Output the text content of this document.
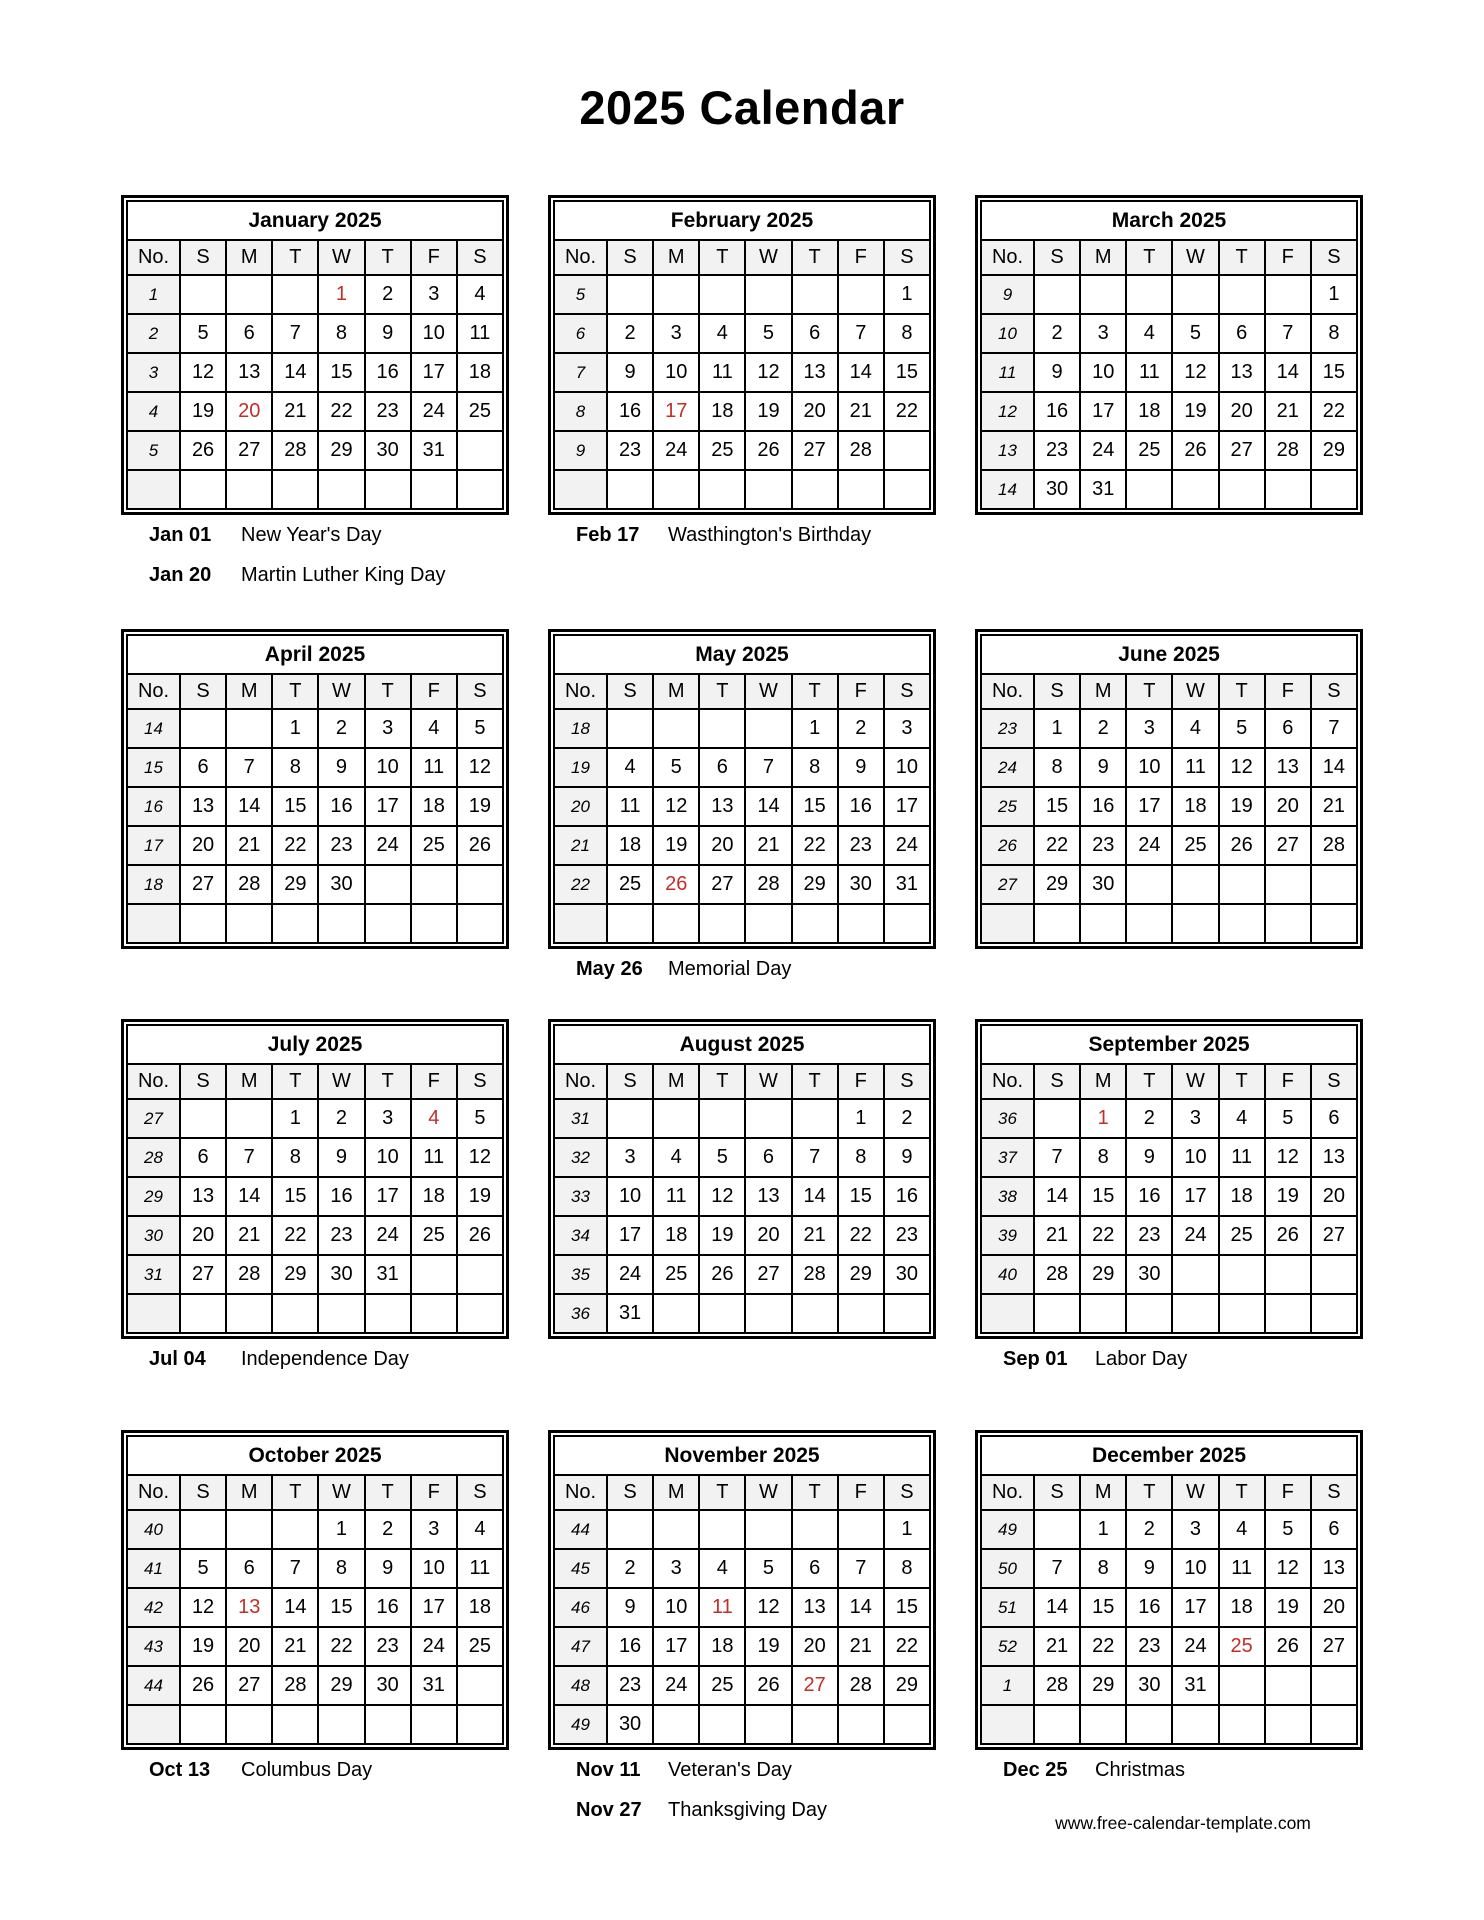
2025 Calendar
January 2025							
No.	S	M	T	W	T	F	S
1				1	2	3	4
2	5	6	7	8	9	10	11
3	12	13	14	15	16	17	18
4	19	20	21	22	23	24	25
5	26	27	28	29	30	31	

Jan 01	New Year's Day
Jan 20	Martin Luther King Day
February 2025							
No.	S	M	T	W	T	F	S
5							1
6	2	3	4	5	6	7	8
7	9	10	11	12	13	14	15
8	16	17	18	19	20	21	22
9	23	24	25	26	27	28	

Feb 17	Wasthington's Birthday
March 2025							
No.	S	M	T	W	T	F	S
9							1
10	2	3	4	5	6	7	8
11	9	10	11	12	13	14	15
12	16	17	18	19	20	21	22
13	23	24	25	26	27	28	29
14	30	31					
April 2025							
No.	S	M	T	W	T	F	S
14			1	2	3	4	5
15	6	7	8	9	10	11	12
16	13	14	15	16	17	18	19
17	20	21	22	23	24	25	26
18	27	28	29	30			

May 2025							
No.	S	M	T	W	T	F	S
18					1	2	3
19	4	5	6	7	8	9	10
20	11	12	13	14	15	16	17
21	18	19	20	21	22	23	24
22	25	26	27	28	29	30	31

May 26 Memorial Day
June 2025							
No.	S	M	T	W	T	F	S
23	1	2	3	4	5	6	7
24	8	9	10	11	12	13	14
25	15	16	17	18	19	20	21
26	22	23	24	25	26	27	28
27	29	30					

July 2025							
No.	S	M	T	W	T	F	S
27			1	2	3	4	5
28	6	7	8	9	10	11	12
29	13	14	15	16	17	18	19
30	20	21	22	23	24	25	26
31	27	28	29	30	31		

Jul 04	Independence Day
August 2025							
No.	S	M	T	W	T	F	S
31						1	2
32	3	4	5	6	7	8	9
33	10	11	12	13	14	15	16
34	17	18	19	20	21	22	23
35	24	25	26	27	28	29	30
36	31						
September 2025							
No.	S	M	T	W	T	F	S
36		1	2	3	4	5	6
37	7	8	9	10	11	12	13
38	14	15	16	17	18	19	20
39	21	22	23	24	25	26	27
40	28	29	30				

Sep 01	Labor Day
October 2025							
No.	S	M	T	W	T	F	S
40				1	2	3	4
41	5	6	7	8	9	10	11
42	12	13	14	15	16	17	18
43	19	20	21	22	23	24	25
44	26	27	28	29	30	31	

Oct 13	Columbus Day
November 2025							
No.	S	M	T	W	T	F	S
44							1
45	2	3	4	5	6	7	8
46	9	10	11	12	13	14	15
47	16	17	18	19	20	21	22
48	23	24	25	26	27	28	29
49	30						
Nov 11	Veteran's Day
Nov 27	Thanksgiving Day
December 2025							
No.	S	M	T	W	T	F	S
49		1	2	3	4	5	6
50	7	8	9	10	11	12	13
51	14	15	16	17	18	19	20
52	21	22	23	24	25	26	27
1	28	29	30	31			

Dec 25	Christmas
www.free-calendar-template.com
